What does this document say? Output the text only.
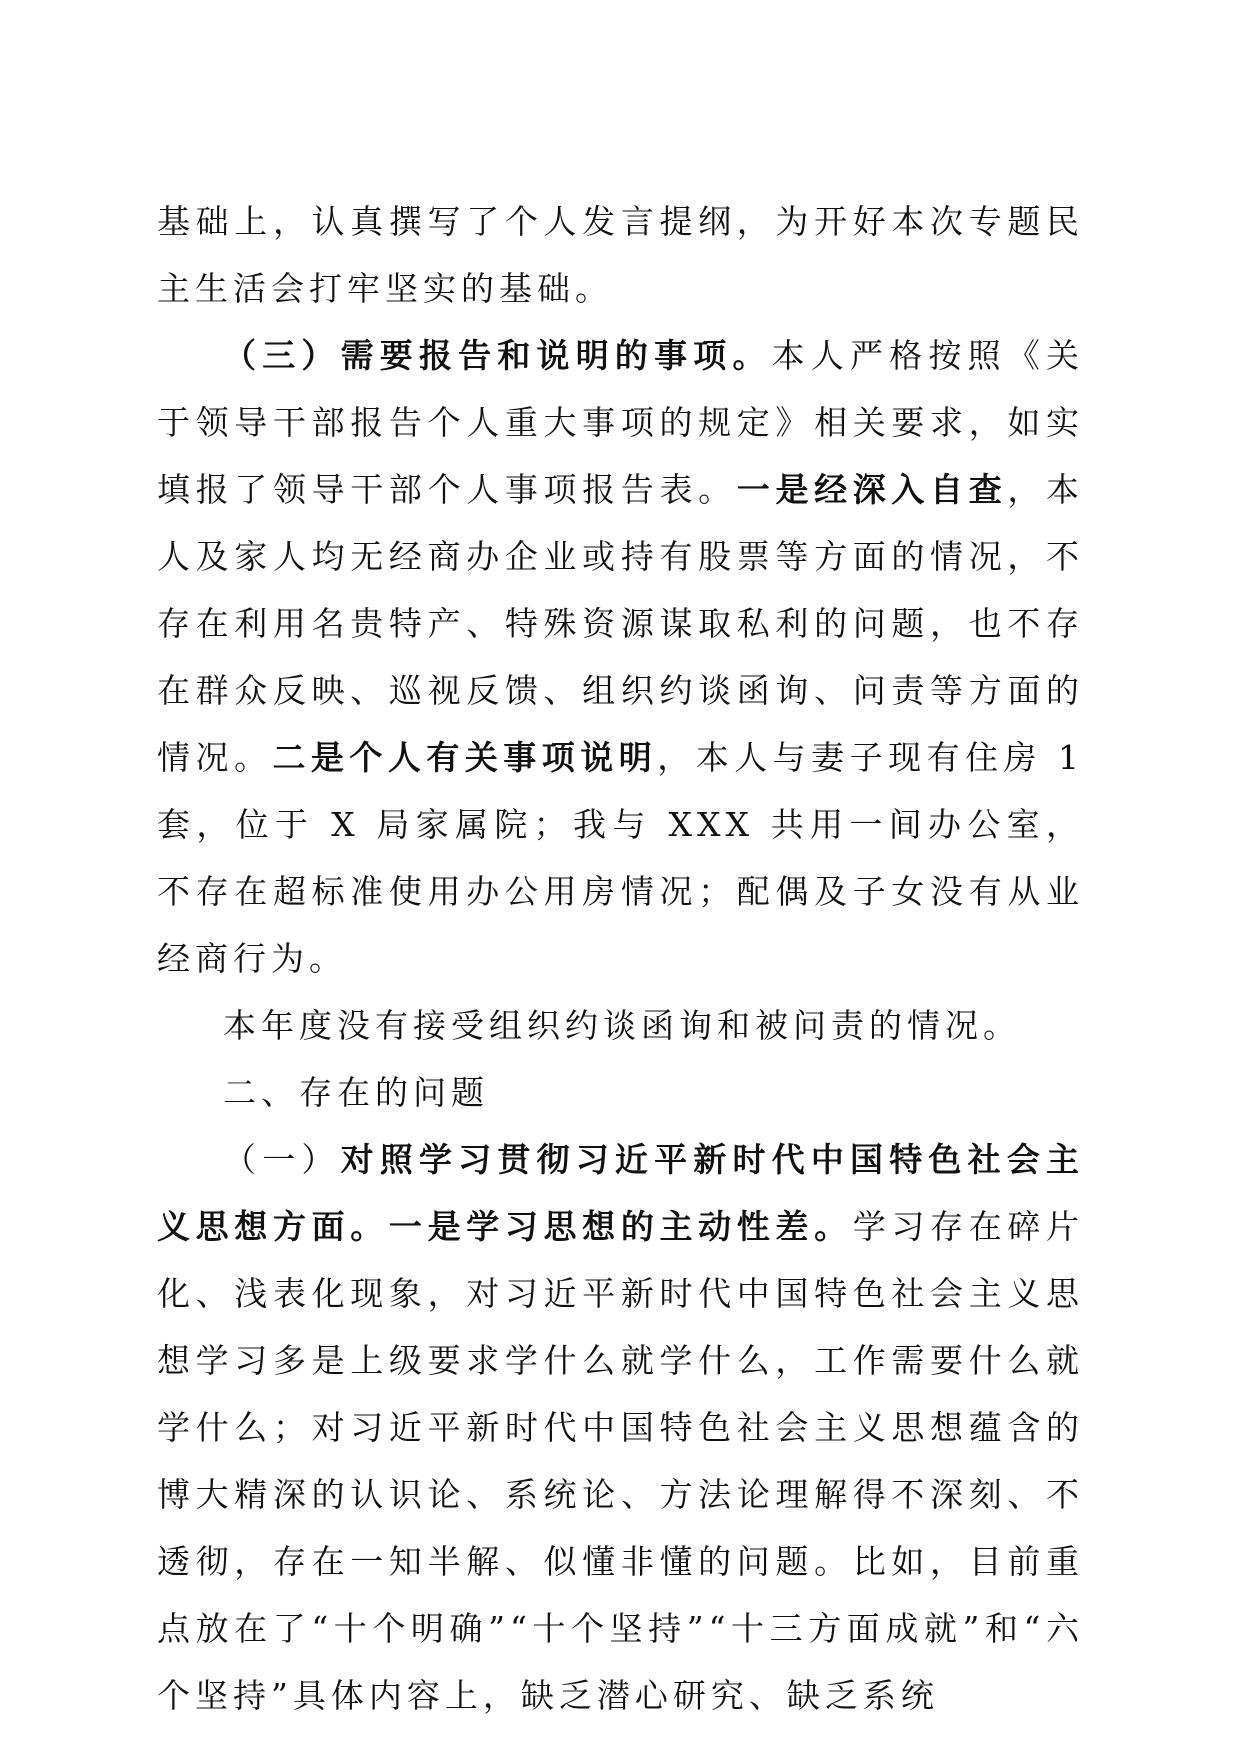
基础上，认真撰写了个人发言提纲，为开好本次专题民主生活会打牢坚实的基础。

（三）需要报告和说明的事项。本人严格按照《关于领导干部报告个人重大事项的规定》相关要求，如实填报了领导干部个人事项报告表。一是经深入自查，本人及家人均无经商办企业或持有股票等方面的情况，不存在利用名贵特产、特殊资源谋取私利的问题，也不存在群众反映、巡视反馈、组织约谈函询、问责等方面的情况。二是个人有关事项说明，本人与妻子现有住房 1 套，位于 X 局家属院；我与 XXX 共用一间办公室，不存在超标准使用办公用房情况；配偶及子女没有从业经商行为。

本年度没有接受组织约谈函询和被问责的情况。

二、存在的问题

（一）对照学习贯彻习近平新时代中国特色社会主义思想方面。一是学习思想的主动性差。学习存在碎片化、浅表化现象，对习近平新时代中国特色社会主义思想学习多是上级要求学什么就学什么，工作需要什么就学什么；对习近平新时代中国特色社会主义思想蕴含的博大精深的认识论、系统论、方法论理解得不深刻、不透彻，存在一知半解、似懂非懂的问题。比如，目前重点放在了“十个明确”“十个坚持”“十三方面成就”和“六个坚持”具体内容上，缺乏潜心研究、缺乏系统
